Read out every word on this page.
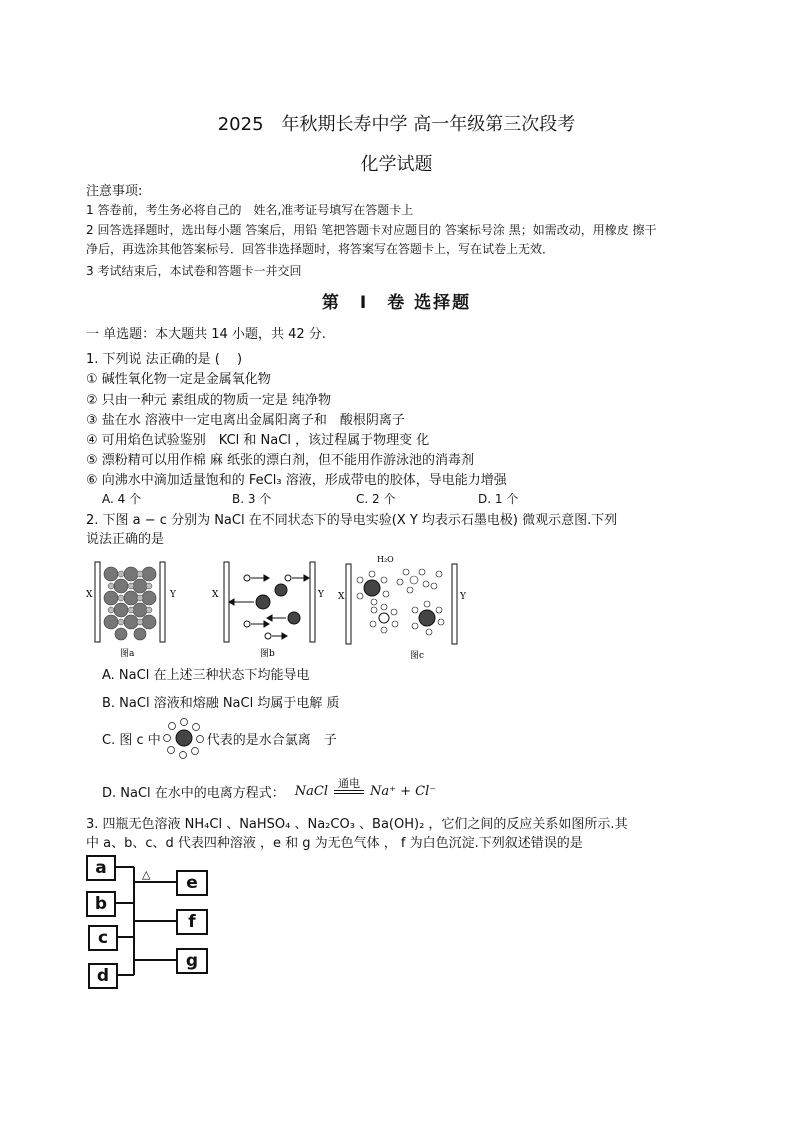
2025　年秋期长寿中学 高一年级第三次段考
化学试题
注意事项:
1 答卷前，考生务必将自己的　姓名,准考证号填写在答题卡上
2 回答选择题时，选出每小题 答案后，用铅 笔把答题卡对应题目的 答案标号涂 黑；如需改动，用橡皮 擦干
净后，再选涂其他答案标号．回答非选择题时，将答案写在答题卡上，写在试卷上无效．
3 考试结束后，本试卷和答题卡一并交回
第　I　卷 选择题
一 单选题：本大题共 14 小题，共 42 分.
1. 下列说 法正确的是 (　 )
① 碱性氧化物一定是金属氧化物
② 只由一种元 素组成的物质一定是 纯净物
③ 盐在水 溶液中一定电离出金属阳离子和　酸根阴离子
④ 可用焰色试验鉴别　KCl 和 NaCl ，该过程属于物理变 化
⑤ 漂粉精可以用作棉 麻 纸张的漂白剂，但不能用作游泳池的消毒剂
⑥ 向沸水中滴加适量饱和的 FeCl₃ 溶液，形成带电的胶体，导电能力增强
A. 4 个	B. 3 个	C. 2 个	D. 1 个
2. 下图 a − c 分别为 NaCl 在不同状态下的导电实验(X Y 均表示石墨电极) 微观示意图.下列
说法正确的是
X	Y
图a
X	Y
图b
X	Y
H₂O
图c
A. NaCl 在上述三种状态下均能导电
B. NaCl 溶液和熔融 NaCl 均属于电解 质
C. 图 c 中	代表的是水合氯离　子
D. NaCl 在水中的电离方程式： NaCl
通电
Na⁺ + Cl⁻
3. 四瓶无色溶液 NH₄Cl 、NaHSO₄ 、Na₂CO₃ 、Ba(OH)₂ ，它们之间的反应关系如图所示.其
中 a、b、c、d 代表四种溶液 ，e 和 g 为无色气体 ， f 为白色沉淀.下列叙述错误的是
△
a
b
c
d
e
f
g
